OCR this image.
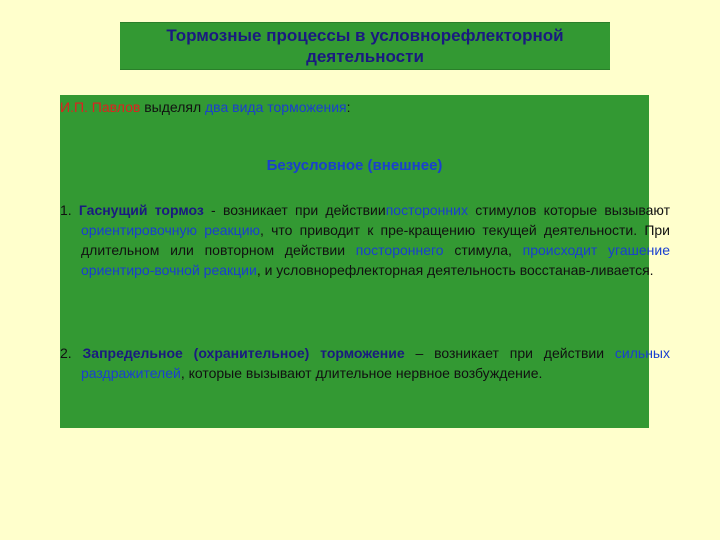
Тормозные процессы в условнорефлекторной
деятельности
И.П. Павлов выделял два вида торможения:
Безусловное (внешнее)
1. Гаснущий тормоз - возникает при действиипосторонних стимулов которые вызывают ориентировочную реакцию, что приводит к пре-кращению текущей деятельности. При длительном или повторном действии постороннего стимула, происходит угашение ориентиро-вочной реакции, и условнорефлекторная деятельность восстанав-ливается.
2. Запредельное (охранительное) торможение – возникает при действии сильных раздражителей, которые вызывают длительное нервное возбуждение.
